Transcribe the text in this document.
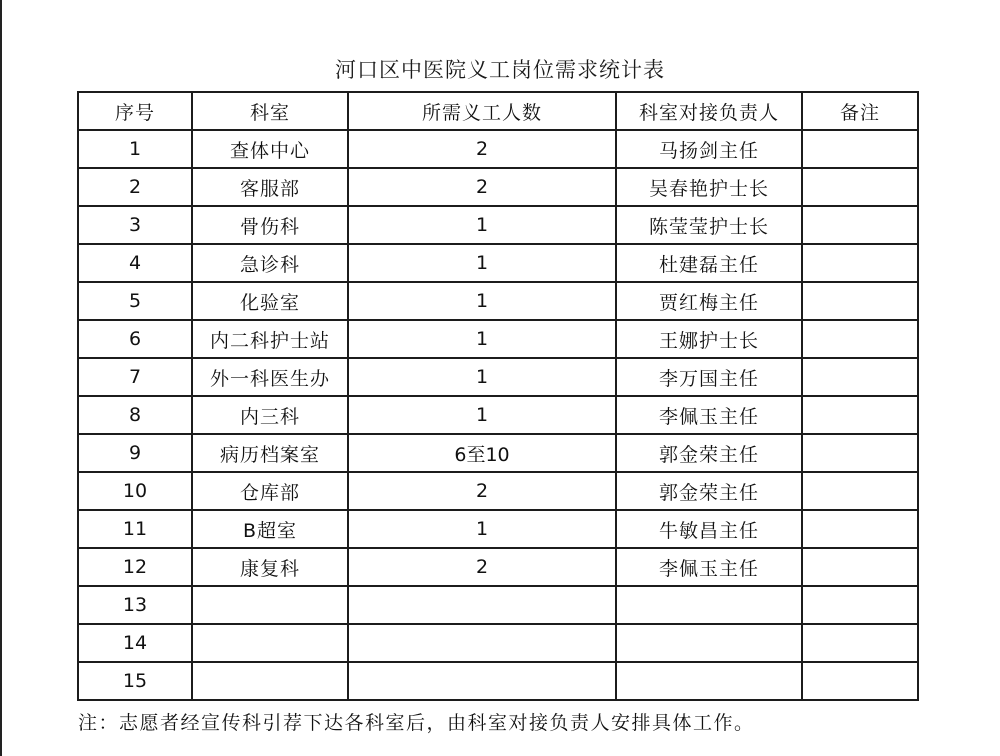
河口区中医院义工岗位需求统计表
序号	科室	所需义工人数	科室对接负责人	备注
1	查体中心	2	马扬剑主任	
2	客服部	2	吴春艳护士长	
3	骨伤科	1	陈莹莹护士长	
4	急诊科	1	杜建磊主任	
5	化验室	1	贾红梅主任	
6	内二科护士站	1	王娜护士长	
7	外一科医生办	1	李万国主任	
8	内三科	1	李佩玉主任	
9	病历档案室	6至10	郭金荣主任	
10	仓库部	2	郭金荣主任	
11	B超室	1	牛敏昌主任	
12	康复科	2	李佩玉主任	
13				
14				
15				
注：志愿者经宣传科引荐下达各科室后，由科室对接负责人安排具体工作。
